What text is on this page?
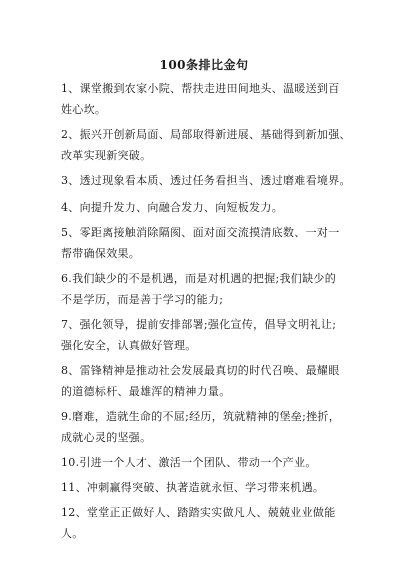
100条排比金句
1、课堂搬到农家小院、帮扶走进田间地头、温暖送到百
姓心坎。
2、振兴开创新局面、局部取得新进展、基础得到新加强、
改革实现新突破。
3、透过现象看本质、透过任务看担当、透过磨难看境界。
4、向提升发力、向融合发力、向短板发力。
5、零距离接触消除隔阂、面对面交流摸清底数、一对一
帮带确保效果。
6.我们缺少的不是机遇，而是对机遇的把握;我们缺少的
不是学历，而是善于学习的能力;
7、强化领导，提前安排部署;强化宣传，倡导文明礼让;
强化安全，认真做好管理。
8、雷锋精神是推动社会发展最真切的时代召唤、最耀眼
的道德标杆、最雄浑的精神力量。
9.磨难，造就生命的不屈;经历，筑就精神的堡垒;挫折，
成就心灵的坚强。
10.引进一个人才、激活一个团队、带动一个产业。
11、冲刺赢得突破、执著造就永恒、学习带来机遇。
12、堂堂正正做好人、踏踏实实做凡人、兢兢业业做能
人。
